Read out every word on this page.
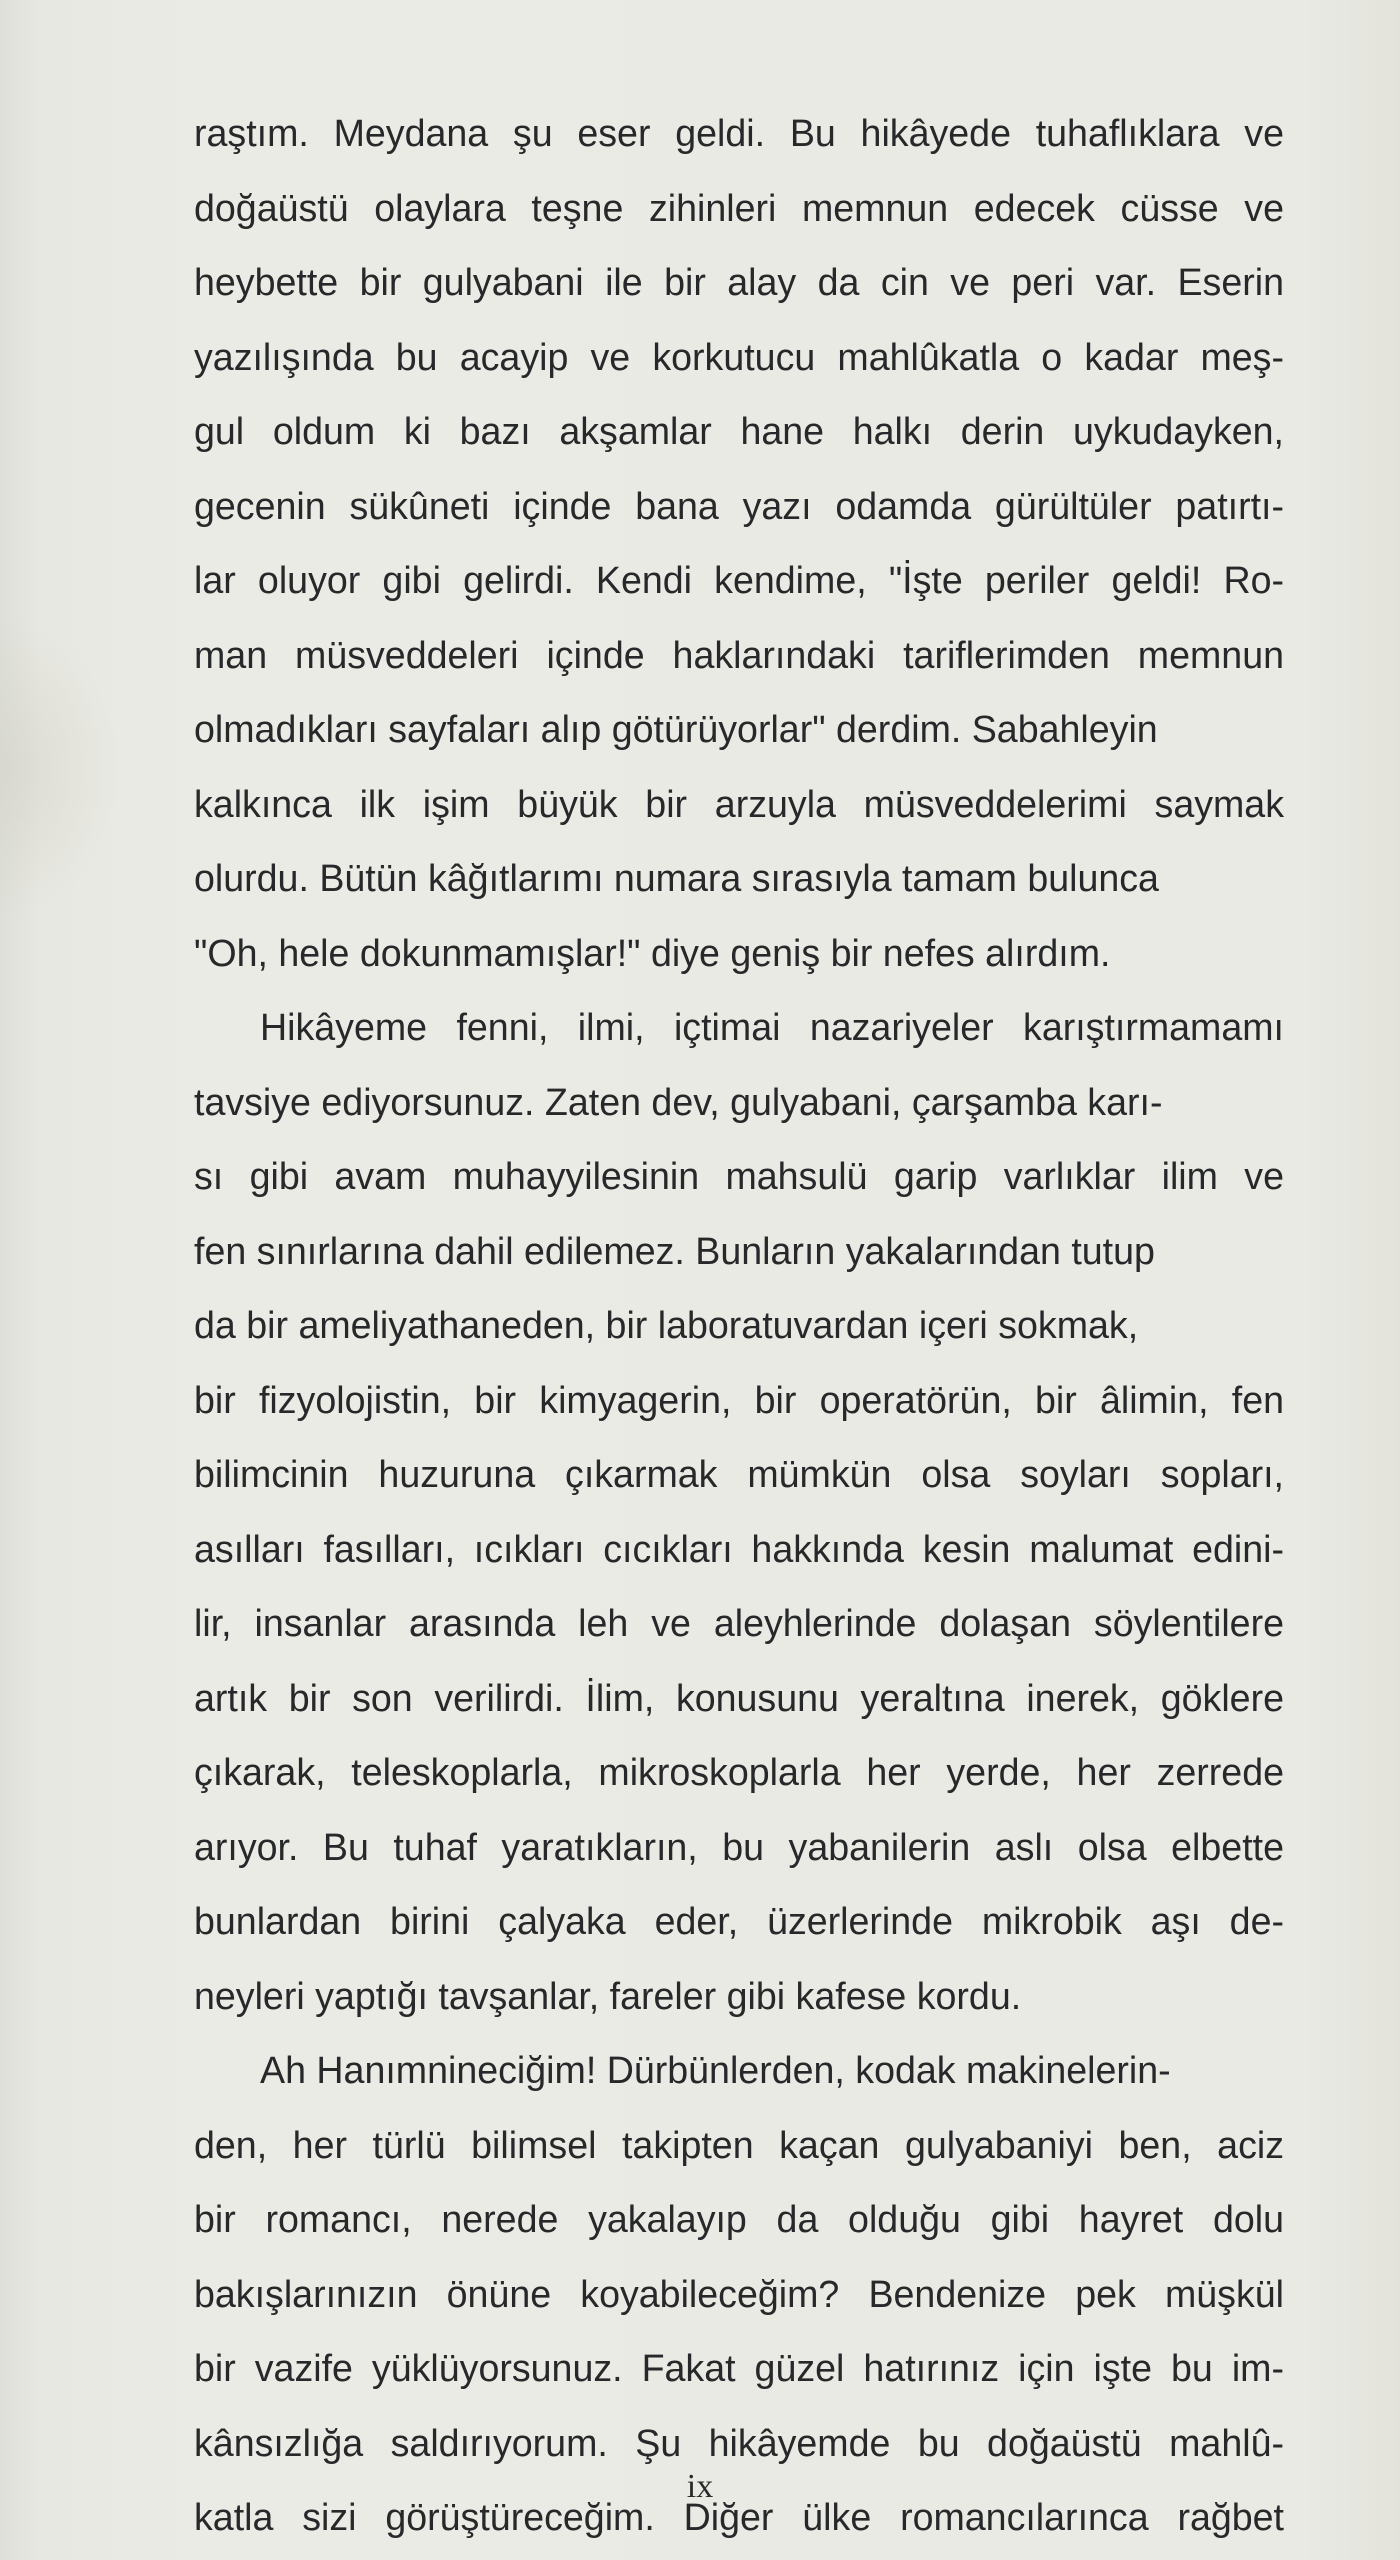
raştım. Meydana şu eser geldi. Bu hikâyede tuhaflıklara ve
doğaüstü olaylara teşne zihinleri memnun edecek cüsse ve
heybette bir gulyabani ile bir alay da cin ve peri var. Eserin
yazılışında bu acayip ve korkutucu mahlûkatla o kadar meş-
gul oldum ki bazı akşamlar hane halkı derin uykudayken,
gecenin sükûneti içinde bana yazı odamda gürültüler patırtı-
lar oluyor gibi gelirdi. Kendi kendime, "İşte periler geldi! Ro-
man müsveddeleri içinde haklarındaki tariflerimden memnun
olmadıkları sayfaları alıp götürüyorlar" derdim. Sabahleyin
kalkınca ilk işim büyük bir arzuyla müsveddelerimi saymak
olurdu. Bütün kâğıtlarımı numara sırasıyla tamam bulunca
"Oh, hele dokunmamışlar!" diye geniş bir nefes alırdım.
Hikâyeme fenni, ilmi, içtimai nazariyeler karıştırmamamı
tavsiye ediyorsunuz. Zaten dev, gulyabani, çarşamba karı-
sı gibi avam muhayyilesinin mahsulü garip varlıklar ilim ve
fen sınırlarına dahil edilemez. Bunların yakalarından tutup
da bir ameliyathaneden, bir laboratuvardan içeri sokmak,
bir fizyolojistin, bir kimyagerin, bir operatörün, bir âlimin, fen
bilimcinin huzuruna çıkarmak mümkün olsa soyları sopları,
asılları fasılları, ıcıkları cıcıkları hakkında kesin malumat edini-
lir, insanlar arasında leh ve aleyhlerinde dolaşan söylentilere
artık bir son verilirdi. İlim, konusunu yeraltına inerek, göklere
çıkarak, teleskoplarla, mikroskoplarla her yerde, her zerrede
arıyor. Bu tuhaf yaratıkların, bu yabanilerin aslı olsa elbette
bunlardan birini çalyaka eder, üzerlerinde mikrobik aşı de-
neyleri yaptığı tavşanlar, fareler gibi kafese kordu.
Ah Hanımnineciğim! Dürbünlerden, kodak makinelerin-
den, her türlü bilimsel takipten kaçan gulyabaniyi ben, aciz
bir romancı, nerede yakalayıp da olduğu gibi hayret dolu
bakışlarınızın önüne koyabileceğim? Bendenize pek müşkül
bir vazife yüklüyorsunuz. Fakat güzel hatırınız için işte bu im-
kânsızlığa saldırıyorum. Şu hikâyemde bu doğaüstü mahlû-
katla sizi görüştüreceğim. Diğer ülke romancılarınca rağbet
ix
